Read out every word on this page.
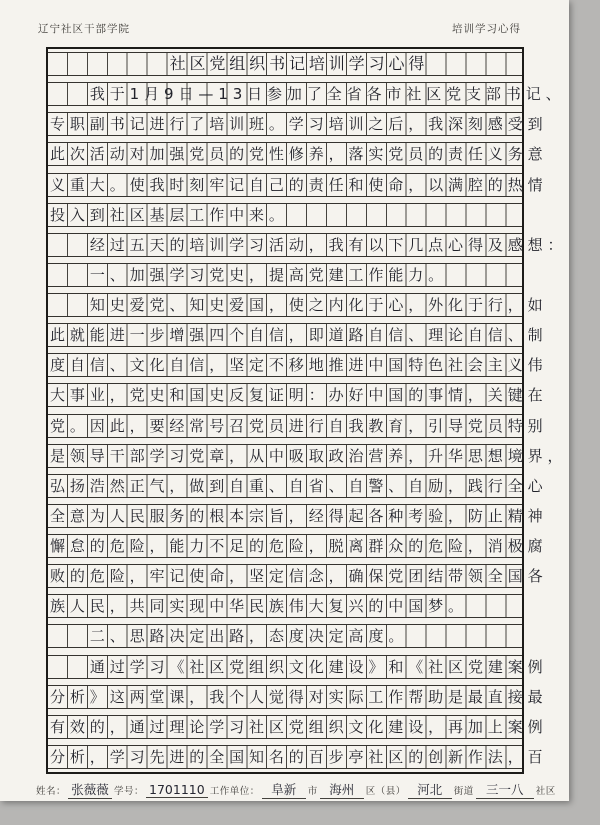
辽宁社区干部学院	培训学习心得
社区党组织书记培训学习心得
我于1月9日—13日参加了全省各市社区党支部书记、
专职副书记进行了培训班。学习培训之后，我深刻感受到
此次活动对加强党员的党性修养，落实党员的责任义务意
义重大。使我时刻牢记自己的责任和使命，以满腔的热情
投入到社区基层工作中来。
经过五天的培训学习活动，我有以下几点心得及感想：
一、加强学习党史，提高党建工作能力。
知史爱党、知史爱国，使之内化于心，外化于行，如
此就能进一步增强四个自信，即道路自信、理论自信、制
度自信、文化自信，坚定不移地推进中国特色社会主义伟
大事业，党史和国史反复证明：办好中国的事情，关键在
党。因此，要经常号召党员进行自我教育，引导党员特别
是领导干部学习党章，从中吸取政治营养，升华思想境界，
弘扬浩然正气，做到自重、自省、自警、自励，践行全心
全意为人民服务的根本宗旨，经得起各种考验，防止精神
懈怠的危险，能力不足的危险，脱离群众的危险，消极腐
败的危险，牢记使命，坚定信念，确保党团结带领全国各
族人民，共同实现中华民族伟大复兴的中国梦。
二、思路决定出路，态度决定高度。
通过学习《社区党组织文化建设》和《社区党建案例
分析》这两堂课，我个人觉得对实际工作帮助是最直接最
有效的，通过理论学习社区党组织文化建设，再加上案例
分析，学习先进的全国知名的百步亭社区的创新作法，百
姓名： 张薇薇 学号： 1701110 工作单位： 阜新	市 海州	区（县） 河北	街道 三一八	社区
